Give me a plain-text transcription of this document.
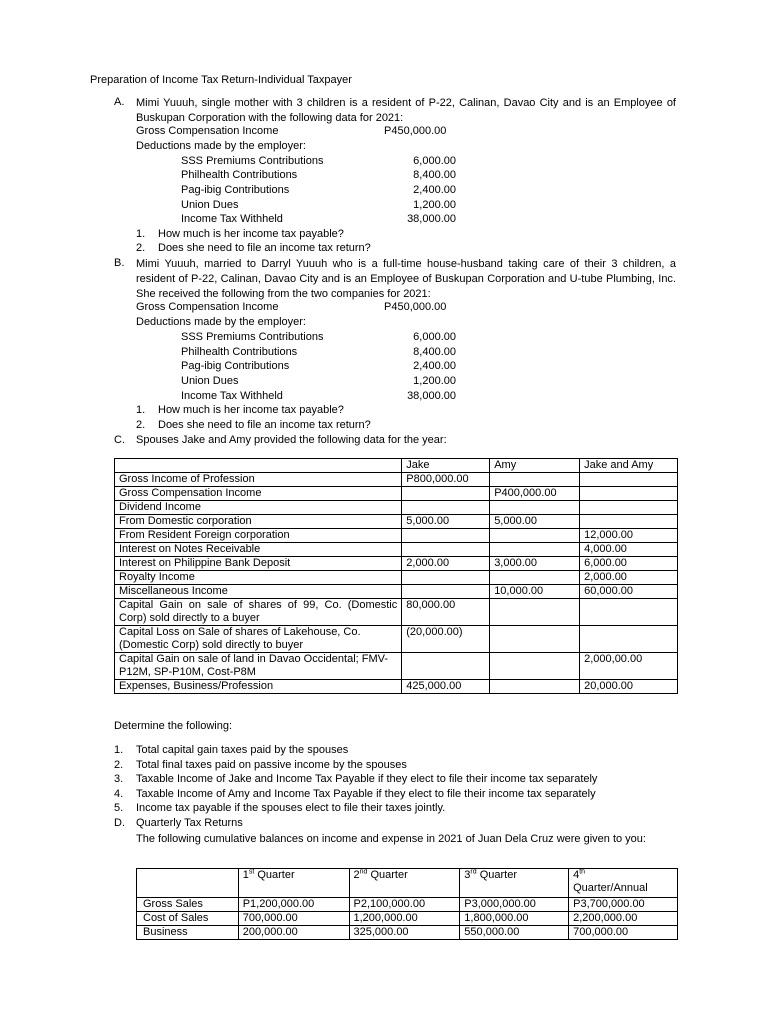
Preparation of Income Tax Return-Individual Taxpayer
A. Mimi Yuuuh, single mother with 3 children is a resident of P-22, Calinan, Davao City and is an Employee of Buskupan Corporation with the following data for 2021:
Gross Compensation Income	P450,000.00
Deductions made by the employer:
SSS Premiums Contributions	6,000.00
Philhealth Contributions	8,400.00
Pag-ibig Contributions	2,400.00
Union Dues	1,200.00
Income Tax Withheld	38,000.00
1. How much is her income tax payable?
2. Does she need to file an income tax return?
B. Mimi Yuuuh, married to Darryl Yuuuh who is a full-time house-husband taking care of their 3 children, a resident of P-22, Calinan, Davao City and is an Employee of Buskupan Corporation and U-tube Plumbing, Inc. She received the following from the two companies for 2021:
Gross Compensation Income	P450,000.00
Deductions made by the employer:
SSS Premiums Contributions	6,000.00
Philhealth Contributions	8,400.00
Pag-ibig Contributions	2,400.00
Union Dues	1,200.00
Income Tax Withheld	38,000.00
1. How much is her income tax payable?
2. Does she need to file an income tax return?
C. Spouses Jake and Amy provided the following data for the year:
	Jake	Amy	Jake and Amy
Gross Income of Profession	P800,000.00		
Gross Compensation Income		P400,000.00	
Dividend Income			
From Domestic corporation	5,000.00	5,000.00	
From Resident Foreign corporation			12,000.00
Interest on Notes Receivable			4,000.00
Interest on Philippine Bank Deposit	2,000.00	3,000.00	6,000.00
Royalty Income			2,000.00
Miscellaneous Income		10,000.00	60,000.00
Capital Gain on sale of shares of 99, Co. (Domestic Corp) sold directly to a buyer	80,000.00		
Capital Loss on Sale of shares of Lakehouse, Co. (Domestic Corp) sold directly to buyer	(20,000.00)		
Capital Gain on sale of land in Davao Occidental; FMV-P12M, SP-P10M, Cost-P8M			2,000,00.00
Expenses, Business/Profession	425,000.00		20,000.00
Determine the following:
1. Total capital gain taxes paid by the spouses
2. Total final taxes paid on passive income by the spouses
3. Taxable Income of Jake and Income Tax Payable if they elect to file their income tax separately
4. Taxable Income of Amy and Income Tax Payable if they elect to file their income tax separately
5. Income tax payable if the spouses elect to file their taxes jointly.
D. Quarterly Tax Returns
The following cumulative balances on income and expense in 2021 of Juan Dela Cruz were given to you:
	1st Quarter	2nd Quarter	3rd Quarter	4th
Quarter/Annual
Gross Sales	P1,200,000.00	P2,100,000.00	P3,000,000.00	P3,700,000.00
Cost of Sales	700,000.00	1,200,000.00	1,800,000.00	2,200,000.00
Business	200,000.00	325,000.00	550,000.00	700,000.00
